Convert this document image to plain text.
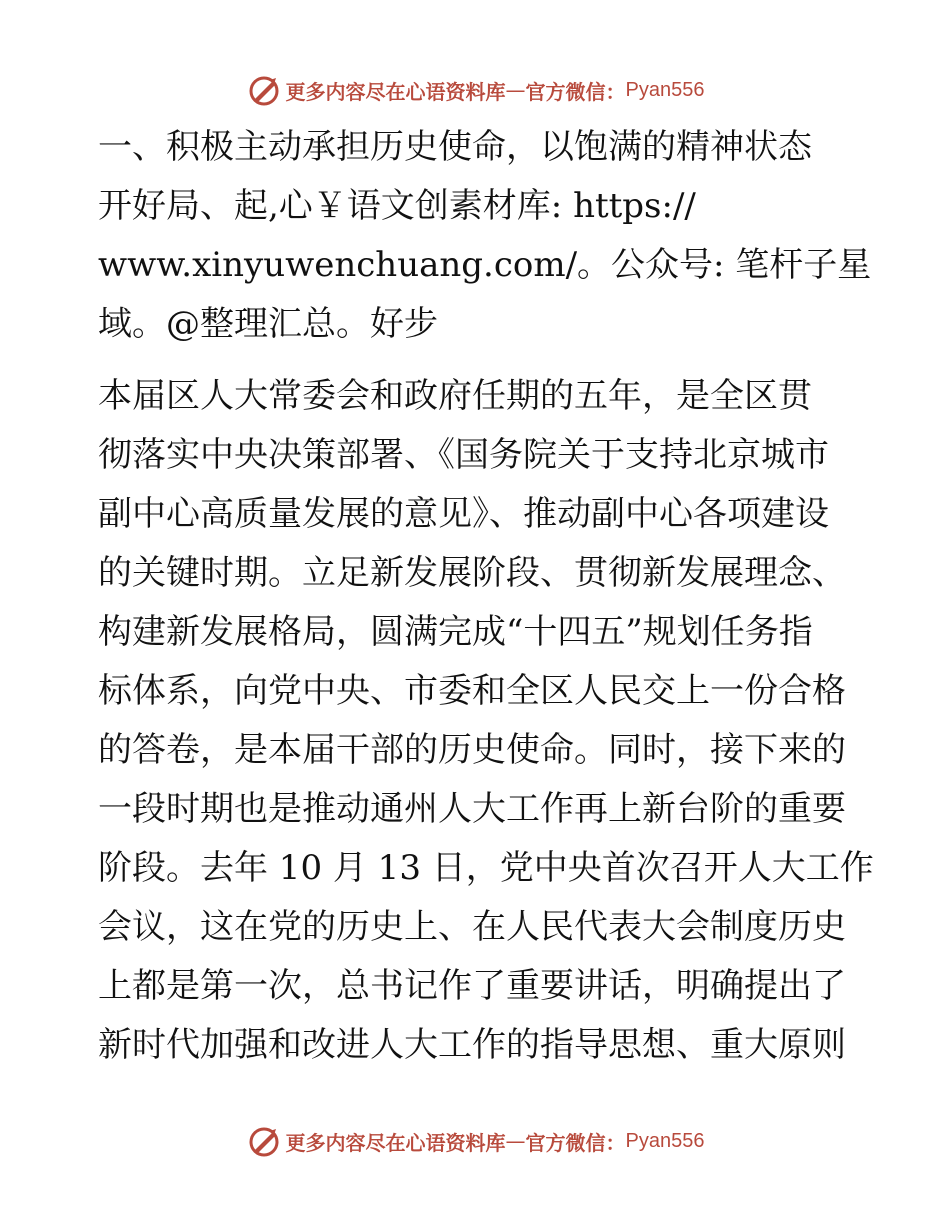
更多内容尽在心语资料库 — 官方微信： Pyan556
一、积极主动承担历史使命，以饱满的精神状态
开好局、起,心￥语文创素材库: https://
www.xinyuwenchuang.com/。公众号: 笔杆子星
域。@整理汇总。好步
本届区人大常委会和政府任期的五年，是全区贯
彻落实中央决策部署、《国务院关于支持北京城市
副中心高质量发展的意见》、推动副中心各项建设
的关键时期。立足新发展阶段、贯彻新发展理念、
构建新发展格局，圆满完成“十四五”规划任务指
标体系，向党中央、市委和全区人民交上一份合格
的答卷，是本届干部的历史使命。同时，接下来的
一段时期也是推动通州人大工作再上新台阶的重要
阶段。去年 10 月 13 日，党中央首次召开人大工作
会议，这在党的历史上、在人民代表大会制度历史
上都是第一次，总书记作了重要讲话，明确提出了
新时代加强和改进人大工作的指导思想、重大原则
更多内容尽在心语资料库 — 官方微信： Pyan556
